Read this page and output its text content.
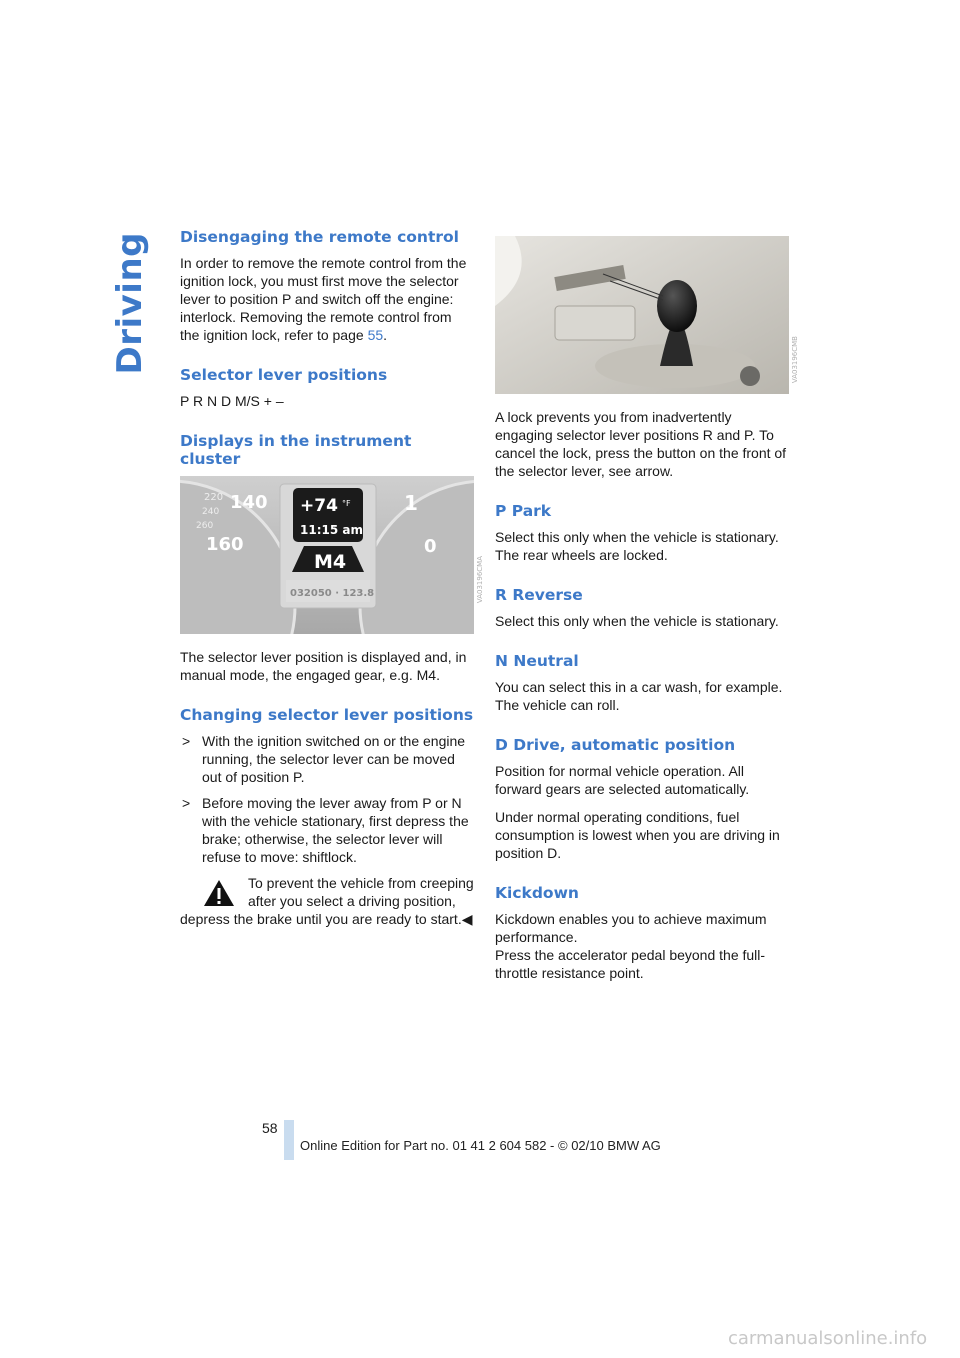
Driving Disengaging the remote control

In order to remove the remote control from the ignition lock, you must first move the selector lever to position P and switch off the engine: interlock. Removing the remote control from the ignition lock, refer to page 55.

Selector lever positions

P R N D M/S + –

Displays in the instrument cluster
220 140
240
260
160
1
0
+74 °F
11:15 am
M4
032050 · 123.8	VA03196CMA

The selector lever position is displayed and, in manual mode, the engaged gear, e.g. M4.

Changing selector lever positions
> With the ignition switched on or the engine running, the selector lever can be moved out of position P.
> Before moving the lever away from P or N with the vehicle stationary, first depress the brake; otherwise, the selector lever will refuse to move: shiftlock.
To prevent the vehicle from creeping after you select a driving position, depress the brake until you are ready to start.◀
VA03196CMB

A lock prevents you from inadvertently engaging selector lever positions R and P. To cancel the lock, press the button on the front of the selector lever, see arrow.

P Park

Select this only when the vehicle is stationary. The rear wheels are locked.

R Reverse

Select this only when the vehicle is stationary.

N Neutral

You can select this in a car wash, for example. The vehicle can roll.

D Drive, automatic position

Position for normal vehicle operation. All forward gears are selected automatically.

Under normal operating conditions, fuel consumption is lowest when you are driving in position D.

Kickdown

Kickdown enables you to achieve maximum performance.

Press the accelerator pedal beyond the full-throttle resistance point.

58
Online Edition for Part no. 01 41 2 604 582 - © 02/10 BMW AG
carmanualsonline.info
